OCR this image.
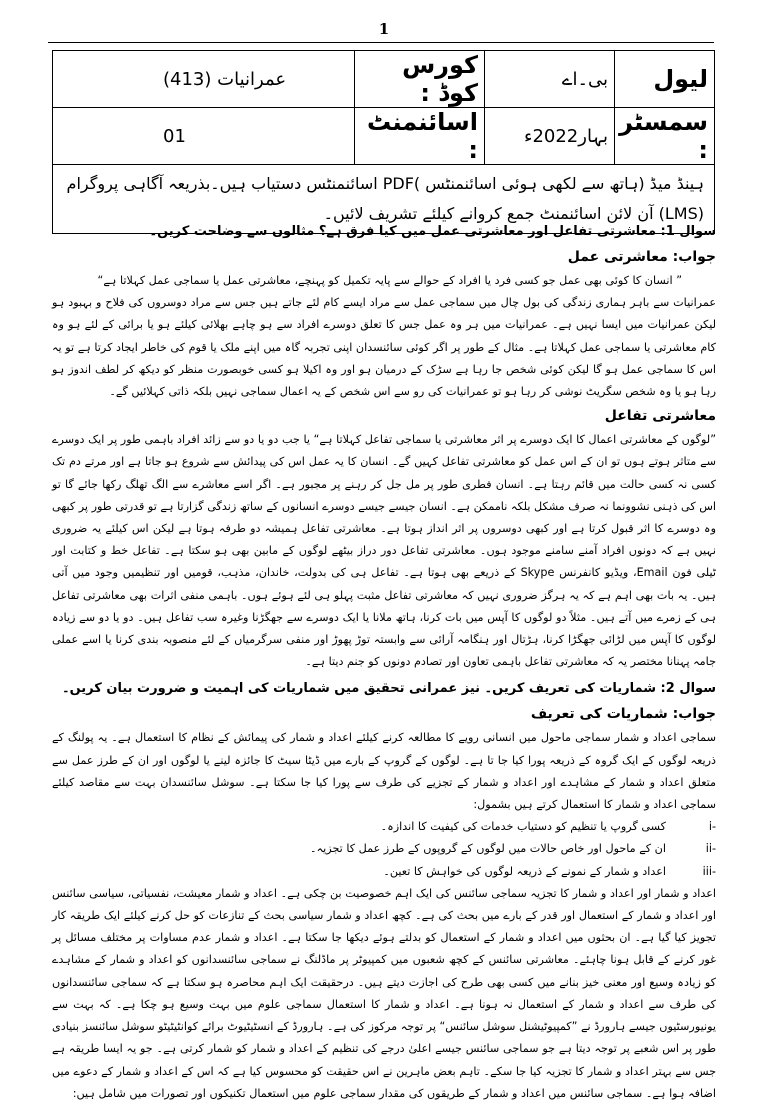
1
لیول	بی۔اے	کورس کوڈ :	عمرانیات (413)
سمسٹر :	بہار2022ء	اسائنمنٹ :	01
ہینڈ میڈ (ہاتھ سے لکھی ہوئی اسائنمنٹس )PDF اسائنمنٹس دستیاب ہیں۔بذریعہ آگاہی پروگرام (LMS) آن لائن اسائنمنٹ جمع کروانے کیلئے تشریف لائیں۔			

سوال 1: معاشرتی تفاعل اور معاشرتی عمل میں کیا فرق ہے؟ مثالوں سے وضاحت کریں۔

جواب: معاشرتی عمل

” انسان کا کوئی بھی عمل جو کسی فرد یا افراد کے حوالے سے پایہ تکمیل کو پہنچے، معاشرتی عمل یا سماجی عمل کہلاتا ہے“

عمرانیات سے باہر ہماری زندگی کی بول چال میں سماجی عمل سے مراد ایسے کام لئے جاتے ہیں جس سے مراد دوسروں کی فلاح و بہبود ہو لیکن عمرانیات میں ایسا نہیں ہے۔ عمرانیات میں ہر وہ عمل جس کا تعلق دوسرے افراد سے ہو چاہے بھلائی کیلئے ہو یا برائی کے لئے ہو وہ کام معاشرتی یا سماجی عمل کہلاتا ہے۔ مثال کے طور پر اگر کوئی سائنسدان اپنی تجربہ گاہ میں اپنے ملک یا قوم کی خاطر ایجاد کرتا ہے تو یہ اس کا سماجی عمل ہو گا لیکن کوئی شخص جا رہا ہے سڑک کے درمیان ہو اور وہ اکیلا ہو کسی خوبصورت منظر کو دیکھ کر لطف اندوز ہو رہا ہو یا وہ شخص سگریٹ نوشی کر رہا ہو تو عمرانیات کی رو سے اس شخص کے یہ اعمال سماجی نہیں بلکہ ذاتی کہلائیں گے۔

معاشرتی تفاعل

”لوگوں کے معاشرتی اعمال کا ایک دوسرے پر اثر معاشرتی یا سماجی تفاعل کہلاتا ہے“ یا جب دو یا دو سے زائد افراد باہمی طور پر ایک دوسرے سے متاثر ہوتے ہوں تو ان کے اس عمل کو معاشرتی تفاعل کہیں گے۔ انسان کا یہ عمل اس کی پیدائش سے شروع ہو جاتا ہے اور مرتے دم تک کسی نہ کسی حالت میں قائم رہتا ہے۔ انسان فطری طور پر مل جل کر رہنے پر مجبور ہے۔ اگر اسے معاشرے سے الگ تھلگ رکھا جائے گا تو اس کی ذہنی نشوونما نہ صرف مشکل بلکہ ناممکن ہے۔ انسان جیسے جیسے دوسرے انسانوں کے ساتھ زندگی گزارتا ہے تو قدرتی طور پر کبھی وہ دوسرے کا اثر قبول کرتا ہے اور کبھی دوسروں پر اثر انداز ہوتا ہے۔ معاشرتی تفاعل ہمیشہ دو طرفہ ہوتا ہے لیکن اس کیلئے یہ ضروری نہیں ہے کہ دونوں افراد آمنے سامنے موجود ہوں۔ معاشرتی تفاعل دور دراز بیٹھے لوگوں کے مابین بھی ہو سکتا ہے۔ تفاعل خط و کتابت اور ٹیلی فون Email، ویڈیو کانفرنس Skype کے ذریعے بھی ہوتا ہے۔ تفاعل ہی کی بدولت، خاندان، مذہب، قومیں اور تنظیمیں وجود میں آتی ہیں۔ یہ بات بھی اہم ہے کہ یہ ہرگز ضروری نہیں کہ معاشرتی تفاعل مثبت پہلو ہی لئے ہوئے ہوں۔ باہمی منفی اثرات بھی معاشرتی تفاعل ہی کے زمرے میں آتے ہیں۔ مثلاً دو لوگوں کا آپس میں بات کرنا، ہاتھ ملانا یا ایک دوسرے سے جھگڑنا وغیرہ سب تفاعل ہیں۔ دو یا دو سے زیادہ لوگوں کا آپس میں لڑائی جھگڑا کرنا، ہڑتال اور ہنگامہ آرائی سے وابستہ توڑ پھوڑ اور منفی سرگرمیاں کے لئے منصوبہ بندی کرنا یا اسے عملی جامہ پہنانا مختصر یہ کہ معاشرتی تفاعل باہمی تعاون اور تصادم دونوں کو جنم دیتا ہے۔

سوال 2: شماریات کی تعریف کریں۔ نیز عمرانی تحقیق میں شماریات کی اہمیت و ضرورت بیان کریں۔

جواب: شماریات کی تعریف

سماجی اعداد و شمار سماجی ماحول میں انسانی رویے کا مطالعہ کرنے کیلئے اعداد و شمار کی پیمائش کے نظام کا استعمال ہے۔ یہ پولنگ کے ذریعہ لوگوں کے ایک گروہ کے ذریعہ پورا کیا جا تا ہے۔ لوگوں کے گروپ کے بارے میں ڈیٹا سیٹ کا جائزہ لینے یا لوگوں اور ان کے طرز عمل سے متعلق اعداد و شمار کے مشاہدے اور اعداد و شمار کے تجزیے کی طرف سے پورا کیا جا سکتا ہے۔ سوشل سائنسدان بہت سے مقاصد کیلئے سماجی اعداد و شمار کا استعمال کرتے ہیں بشمول:

-i
کسی گروپ یا تنظیم کو دستیاب خدمات کی کیفیت کا اندازہ۔
-ii
ان کے ماحول اور خاص حالات میں لوگوں کے گروپوں کے طرز عمل کا تجزیہ۔
-iii
اعداد و شمار کے نمونے کے ذریعہ لوگوں کی خواہش کا تعین۔

اعداد و شمار اور اعداد و شمار کا تجزیہ سماجی سائنس کی ایک اہم خصوصیت بن چکی ہے۔ اعداد و شمار معیشت، نفسیاتی، سیاسی سائنس اور اعداد و شمار کے استعمال اور قدر کے بارے میں بحث کی ہے۔ کچھ اعداد و شمار سیاسی بحث کے تنازعات کو حل کرنے کیلئے ایک طریقہ کار تجویز کیا گیا ہے۔ ان بحثوں میں اعداد و شمار کے استعمال کو بدلتے ہوئے دیکھا جا سکتا ہے۔ اعداد و شمار عدم مساوات پر مختلف مسائل پر غور کرنے کے قابل ہونا چاہئے۔ معاشرتی سائنس کے کچھ شعبوں میں کمپیوٹر پر ماڈلنگ نے سماجی سائنسدانوں کو اعداد و شمار کے مشاہدے کو زیادہ وسیع اور معنی خیز بنانے میں کسی بھی طرح کی اجازت دیتے ہیں۔ درحقیقت ایک اہم محاصرہ ہو سکتا ہے کہ سماجی سائنسدانوں کی طرف سے اعداد و شمار کے استعمال نہ ہونا ہے۔ اعداد و شمار کا استعمال سماجی علوم میں بہت وسیع ہو چکا ہے۔ کہ بہت سے یونیورسٹیوں جیسے ہارورڈ نے ”کمپیوٹیشنل سوشل سائنس“ پر توجہ مرکوز کی ہے۔ ہارورڈ کے انسٹیٹیوٹ برائے کوانٹیٹیٹو سوشل سائنسز بنیادی طور پر اس شعبے پر توجہ دیتا ہے جو سماجی سائنس جیسے اعلیٰ درجے کی تنظیم کے اعداد و شمار کو شمار کرتی ہے۔ جو یہ ایسا طریقہ ہے جس سے بہتر اعداد و شمار کا تجزیہ کیا جا سکے۔ تاہم بعض ماہرین نے اس حقیقت کو محسوس کیا ہے کہ اس کے اعداد و شمار کے دعوے میں اضافہ ہوا ہے۔ سماجی سائنس میں اعداد و شمار کے طریقوں کی مقدار سماجی علوم میں استعمال تکنیکوں اور تصورات میں شامل ہیں:
